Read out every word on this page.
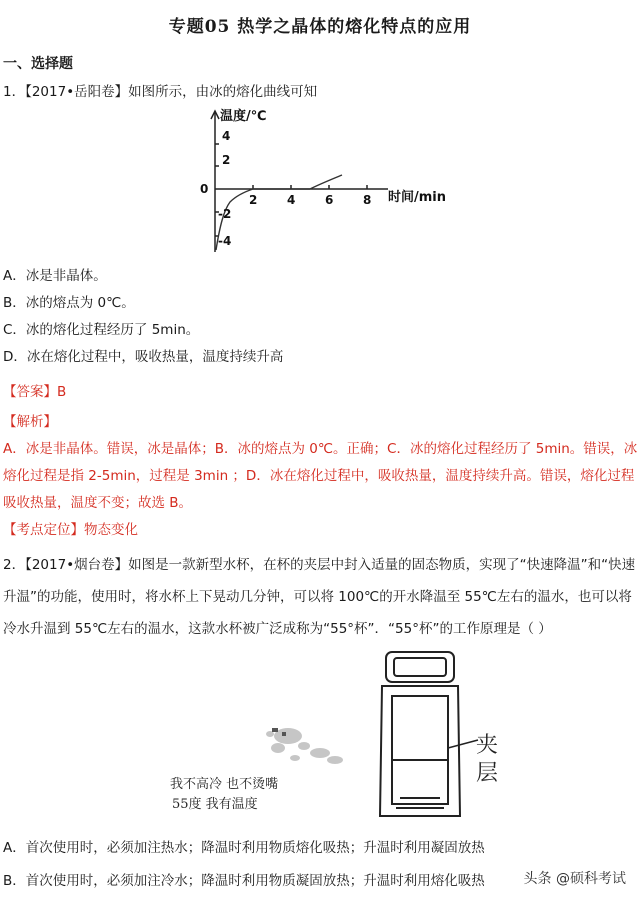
专题05 热学之晶体的熔化特点的应用
一、选择题
1．【2017•岳阳卷】如图所示，由冰的熔化曲线可知
温度/℃
4
2
0
-2
-4
2 4 6 8 时间/min
A．冰是非晶体。
B．冰的熔点为 0℃。
C．冰的熔化过程经历了 5min。
D．冰在熔化过程中，吸收热量，温度持续升高
【答案】B
【解析】
A．冰是非晶体。错误，冰是晶体；B．冰的熔点为 0℃。正确；C．冰的熔化过程经历了 5min。错误，冰
熔化过程是指 2-5min，过程是 3min ；D．冰在熔化过程中，吸收热量，温度持续升高。错误，熔化过程
吸收热量，温度不变；故选 B。
【考点定位】物态变化
2．【2017•烟台卷】如图是一款新型水杯，在杯的夹层中封入适量的固态物质，实现了“快速降温”和“快速
升温”的功能，使用时，将水杯上下晃动几分钟，可以将 100℃的开水降温至 55℃左右的温水，也可以将
冷水升温到 55℃左右的温水，这款水杯被广泛成称为“55°杯”．“55°杯”的工作原理是（ ）
我不高冷 也不烫嘴
55度 我有温度
夹
层
A．首次使用时，必须加注热水；降温时利用物质熔化吸热；升温时利用凝固放热
B．首次使用时，必须加注冷水；降温时利用物质凝固放热；升温时利用熔化吸热	头条 @硕科考试
